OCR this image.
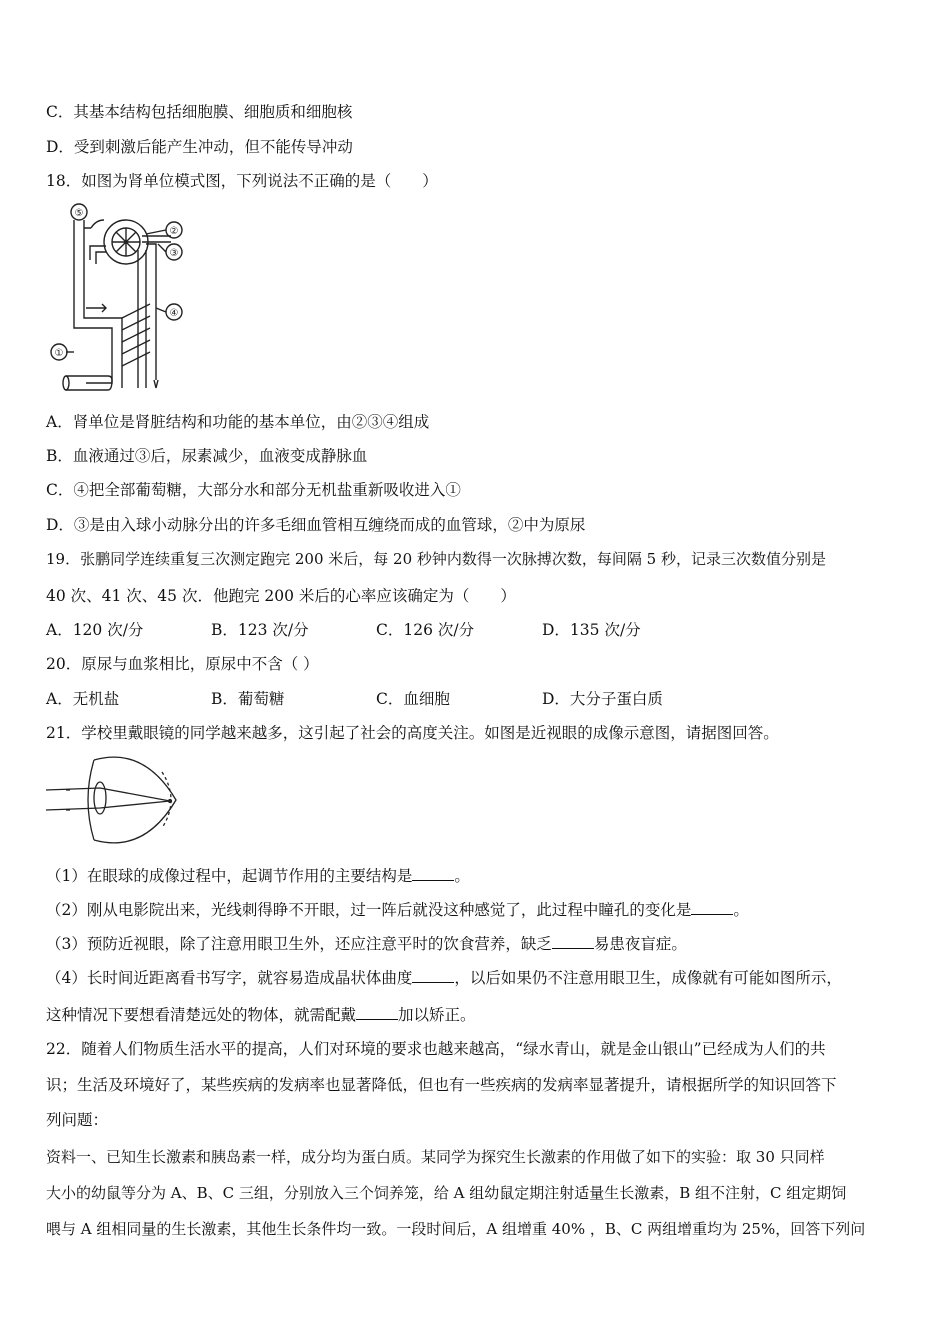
C．其基本结构包括细胞膜、细胞质和细胞核
D．受到刺激后能产生冲动，但不能传导冲动
18．如图为肾单位模式图，下列说法不正确的是（　　）
⑤
②
③
④
①
A．肾单位是肾脏结构和功能的基本单位，由②③④组成
B．血液通过③后，尿素减少，血液变成静脉血
C．④把全部葡萄糖，大部分水和部分无机盐重新吸收进入①
D．③是由入球小动脉分出的许多毛细血管相互缠绕而成的血管球，②中为原尿
19．张鹏同学连续重复三次测定跑完 200 米后，每 20 秒钟内数得一次脉搏次数，每间隔 5 秒，记录三次数值分别是
40 次、41 次、45 次．他跑完 200 米后的心率应该确定为（　　）
A．120 次/分	B．123 次/分	C．126 次/分	D．135 次/分
20．原尿与血浆相比，原尿中不含（ ）
A．无机盐	B．葡萄糖	C．血细胞	D．大分子蛋白质
21．学校里戴眼镜的同学越来越多，这引起了社会的高度关注。如图是近视眼的成像示意图，请据图回答。
（1）在眼球的成像过程中，起调节作用的主要结构是	。
（2）刚从电影院出来，光线刺得睁不开眼，过一阵后就没这种感觉了，此过程中瞳孔的变化是	。
（3）预防近视眼，除了注意用眼卫生外，还应注意平时的饮食营养，缺乏	易患夜盲症。
（4）长时间近距离看书写字，就容易造成晶状体曲度	，以后如果仍不注意用眼卫生，成像就有可能如图所示，
这种情况下要想看清楚远处的物体，就需配戴	加以矫正。
22．随着人们物质生活水平的提高，人们对环境的要求也越来越高，“绿水青山，就是金山银山”已经成为人们的共
识；生活及环境好了，某些疾病的发病率也显著降低，但也有一些疾病的发病率显著提升，请根据所学的知识回答下
列问题：
资料一、已知生长激素和胰岛素一样，成分均为蛋白质。某同学为探究生长激素的作用做了如下的实验：取 30 只同样
大小的幼鼠等分为 A、B、C 三组，分别放入三个饲养笼，给 A 组幼鼠定期注射适量生长激素，B 组不注射，C 组定期饲
喂与 A 组相同量的生长激素，其他生长条件均一致。一段时间后，A 组增重 40% ，B、C 两组增重均为 25%，回答下列问
